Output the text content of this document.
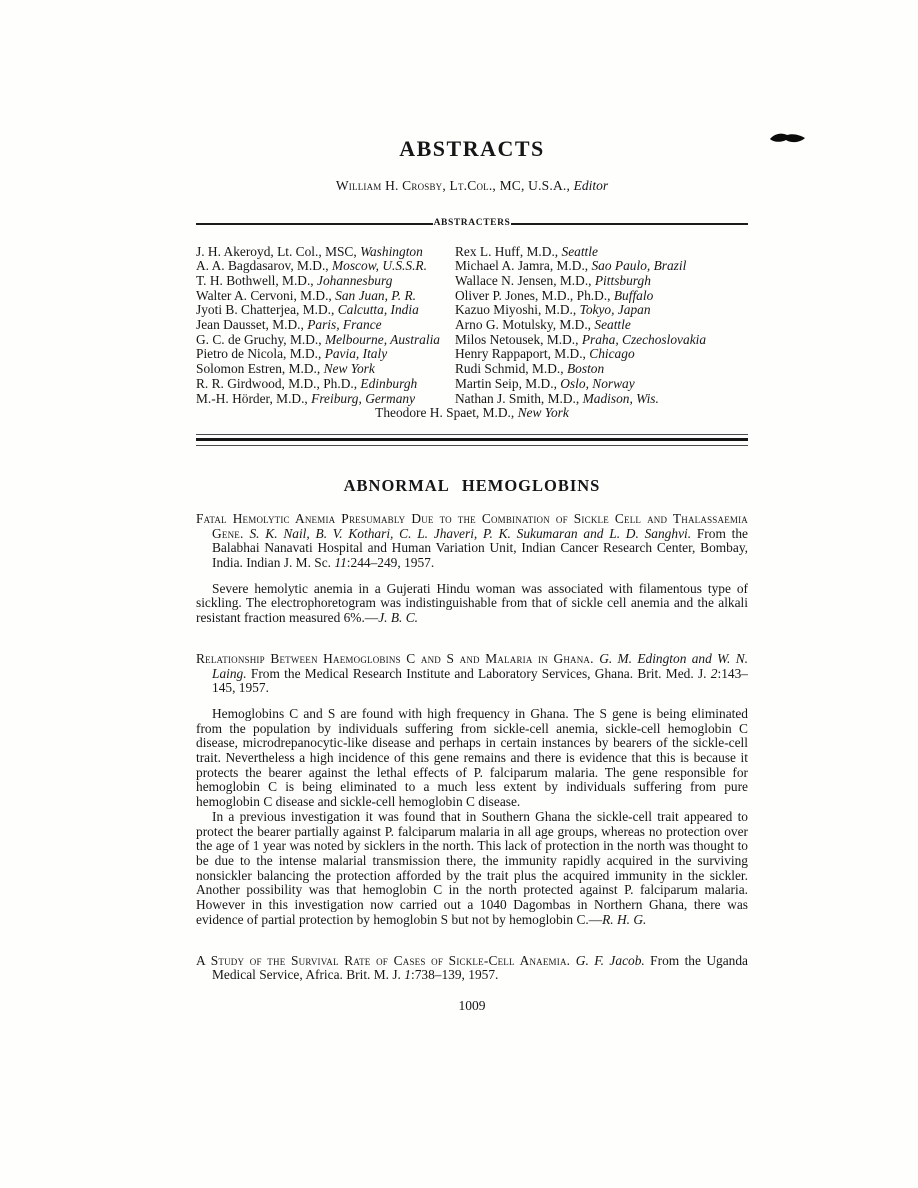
ABSTRACTS
William H. Crosby, Lt.Col., MC, U.S.A., Editor
ABSTRACTERS
J. H. Akeroyd, Lt. Col., MSC, Washington
A. A. Bagdasarov, M.D., Moscow, U.S.S.R.
T. H. Bothwell, M.D., Johannesburg
Walter A. Cervoni, M.D., San Juan, P. R.
Jyoti B. Chatterjea, M.D., Calcutta, India
Jean Dausset, M.D., Paris, France
G. C. de Gruchy, M.D., Melbourne, Australia
Pietro de Nicola, M.D., Pavia, Italy
Solomon Estren, M.D., New York
R. R. Girdwood, M.D., Ph.D., Edinburgh
M.-H. Hörder, M.D., Freiburg, Germany
Rex L. Huff, M.D., Seattle
Michael A. Jamra, M.D., Sao Paulo, Brazil
Wallace N. Jensen, M.D., Pittsburgh
Oliver P. Jones, M.D., Ph.D., Buffalo
Kazuo Miyoshi, M.D., Tokyo, Japan
Arno G. Motulsky, M.D., Seattle
Milos Netousek, M.D., Praha, Czechoslovakia
Henry Rappaport, M.D., Chicago
Rudi Schmid, M.D., Boston
Martin Seip, M.D., Oslo, Norway
Nathan J. Smith, M.D., Madison, Wis.
Theodore H. Spaet, M.D., New York
ABNORMAL HEMOGLOBINS

Fatal Hemolytic Anemia Presumably Due to the Combination of Sickle Cell and Thalassaemia Gene. S. K. Nail, B. V. Kothari, C. L. Jhaveri, P. K. Sukumaran and L. D. Sanghvi. From the Balabhai Nanavati Hospital and Human Variation Unit, Indian Cancer Research Center, Bombay, India. Indian J. M. Sc. 11:244–249, 1957.

Severe hemolytic anemia in a Gujerati Hindu woman was associated with filamentous type of sickling. The electrophoretogram was indistinguishable from that of sickle cell anemia and the alkali resistant fraction measured 6%.—J. B. C.

Relationship Between Haemoglobins C and S and Malaria in Ghana. G. M. Edington and W. N. Laing. From the Medical Research Institute and Laboratory Services, Ghana. Brit. Med. J. 2:143–145, 1957.

Hemoglobins C and S are found with high frequency in Ghana. The S gene is being eliminated from the population by individuals suffering from sickle-cell anemia, sickle-cell hemoglobin C disease, microdrepanocytic-like disease and perhaps in certain instances by bearers of the sickle-cell trait. Nevertheless a high incidence of this gene remains and there is evidence that this is because it protects the bearer against the lethal effects of P. falciparum malaria. The gene responsible for hemoglobin C is being eliminated to a much less extent by individuals suffering from pure hemoglobin C disease and sickle-cell hemoglobin C disease.

In a previous investigation it was found that in Southern Ghana the sickle-cell trait appeared to protect the bearer partially against P. falciparum malaria in all age groups, whereas no protection over the age of 1 year was noted by sicklers in the north. This lack of protection in the north was thought to be due to the intense malarial transmission there, the immunity rapidly acquired in the surviving nonsickler balancing the protection afforded by the trait plus the acquired immunity in the sickler. Another possibility was that hemoglobin C in the north protected against P. falciparum malaria. However in this investigation now carried out a 1040 Dagombas in Northern Ghana, there was evidence of partial protection by hemoglobin S but not by hemoglobin C.—R. H. G.

A Study of the Survival Rate of Cases of Sickle-Cell Anaemia. G. F. Jacob. From the Uganda Medical Service, Africa. Brit. M. J. 1:738–139, 1957.

1009
